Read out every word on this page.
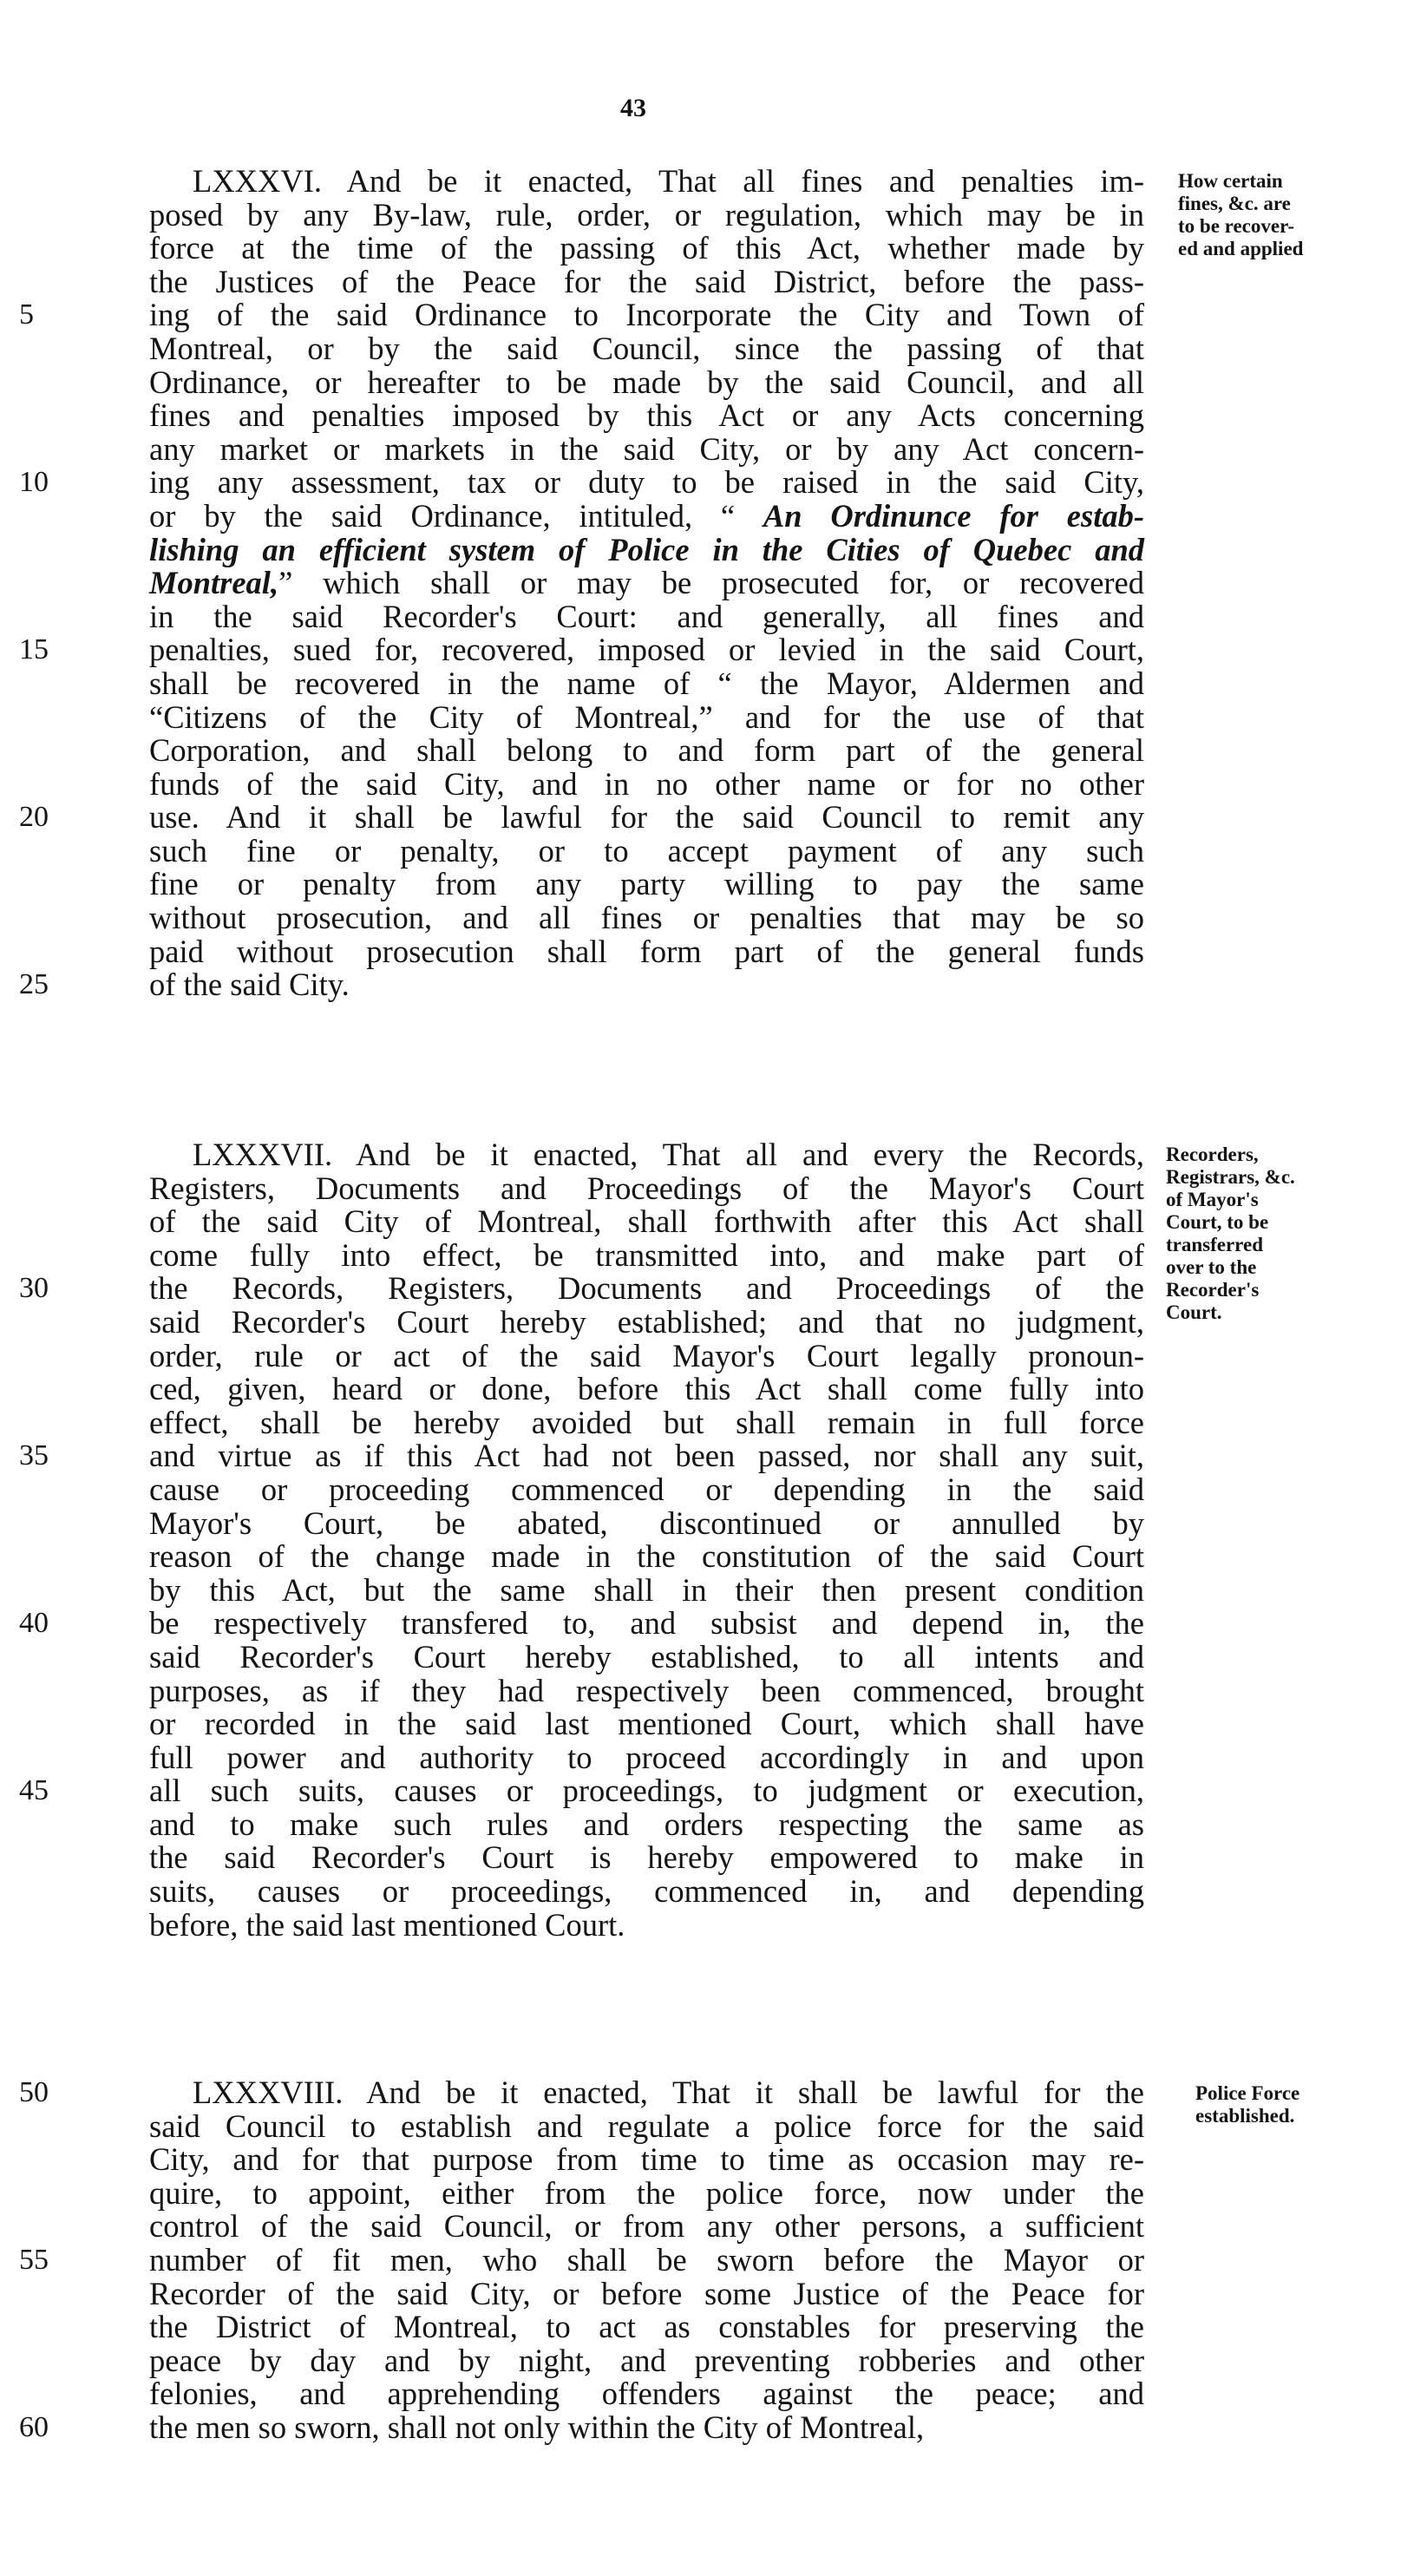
43
LXXXVI. And be it enacted, That all fines and penalties im-
posed by any By-law, rule, order, or regulation, which may be in
force at the time of the passing of this Act, whether made by
the Justices of the Peace for the said District, before the pass-
5	ing of the said Ordinance to Incorporate the City and Town of
Montreal, or by the said Council, since the passing of that
Ordinance, or hereafter to be made by the said Council, and all
fines and penalties imposed by this Act or any Acts concerning
any market or markets in the said City, or by any Act concern-
10	ing any assessment, tax or duty to be raised in the said City,
or by the said Ordinance, intituled, “ An Ordinunce for estab-
lishing an efficient system of Police in the Cities of Quebec and
Montreal,” which shall or may be prosecuted for, or recovered
in the said Recorder's Court: and generally, all fines and
15	penalties, sued for, recovered, imposed or levied in the said Court,
shall be recovered in the name of “ the Mayor, Aldermen and
“Citizens of the City of Montreal,” and for the use of that
Corporation, and shall belong to and form part of the general
funds of the said City, and in no other name or for no other
20	use. And it shall be lawful for the said Council to remit any
such fine or penalty, or to accept payment of any such
fine or penalty from any party willing to pay the same
without prosecution, and all fines or penalties that may be so
paid without prosecution shall form part of the general funds
25	of the said City.
How certain
fines, &c. are
to be recover-
ed and applied
LXXXVII. And be it enacted, That all and every the Records,
Registers, Documents and Proceedings of the Mayor's Court
of the said City of Montreal, shall forthwith after this Act shall
come fully into effect, be transmitted into, and make part of
30	the Records, Registers, Documents and Proceedings of the
said Recorder's Court hereby established; and that no judgment,
order, rule or act of the said Mayor's Court legally pronoun-
ced, given, heard or done, before this Act shall come fully into
effect, shall be hereby avoided but shall remain in full force
35	and virtue as if this Act had not been passed, nor shall any suit,
cause or proceeding commenced or depending in the said
Mayor's Court, be abated, discontinued or annulled by
reason of the change made in the constitution of the said Court
by this Act, but the same shall in their then present condition
40	be respectively transfered to, and subsist and depend in, the
said Recorder's Court hereby established, to all intents and
purposes, as if they had respectively been commenced, brought
or recorded in the said last mentioned Court, which shall have
full power and authority to proceed accordingly in and upon
45	all such suits, causes or proceedings, to judgment or execution,
and to make such rules and orders respecting the same as
the said Recorder's Court is hereby empowered to make in
suits, causes or proceedings, commenced in, and depending
before, the said last mentioned Court.
Recorders,
Registrars, &c.
of Mayor's
Court, to be
transferred
over to the
Recorder's
Court.
50	LXXXVIII. And be it enacted, That it shall be lawful for the
said Council to establish and regulate a police force for the said
City, and for that purpose from time to time as occasion may re-
quire, to appoint, either from the police force, now under the
control of the said Council, or from any other persons, a sufficient
55	number of fit men, who shall be sworn before the Mayor or
Recorder of the said City, or before some Justice of the Peace for
the District of Montreal, to act as constables for preserving the
peace by day and by night, and preventing robberies and other
felonies, and apprehending offenders against the peace; and
60	the men so sworn, shall not only within the City of Montreal,
Police Force
established.
